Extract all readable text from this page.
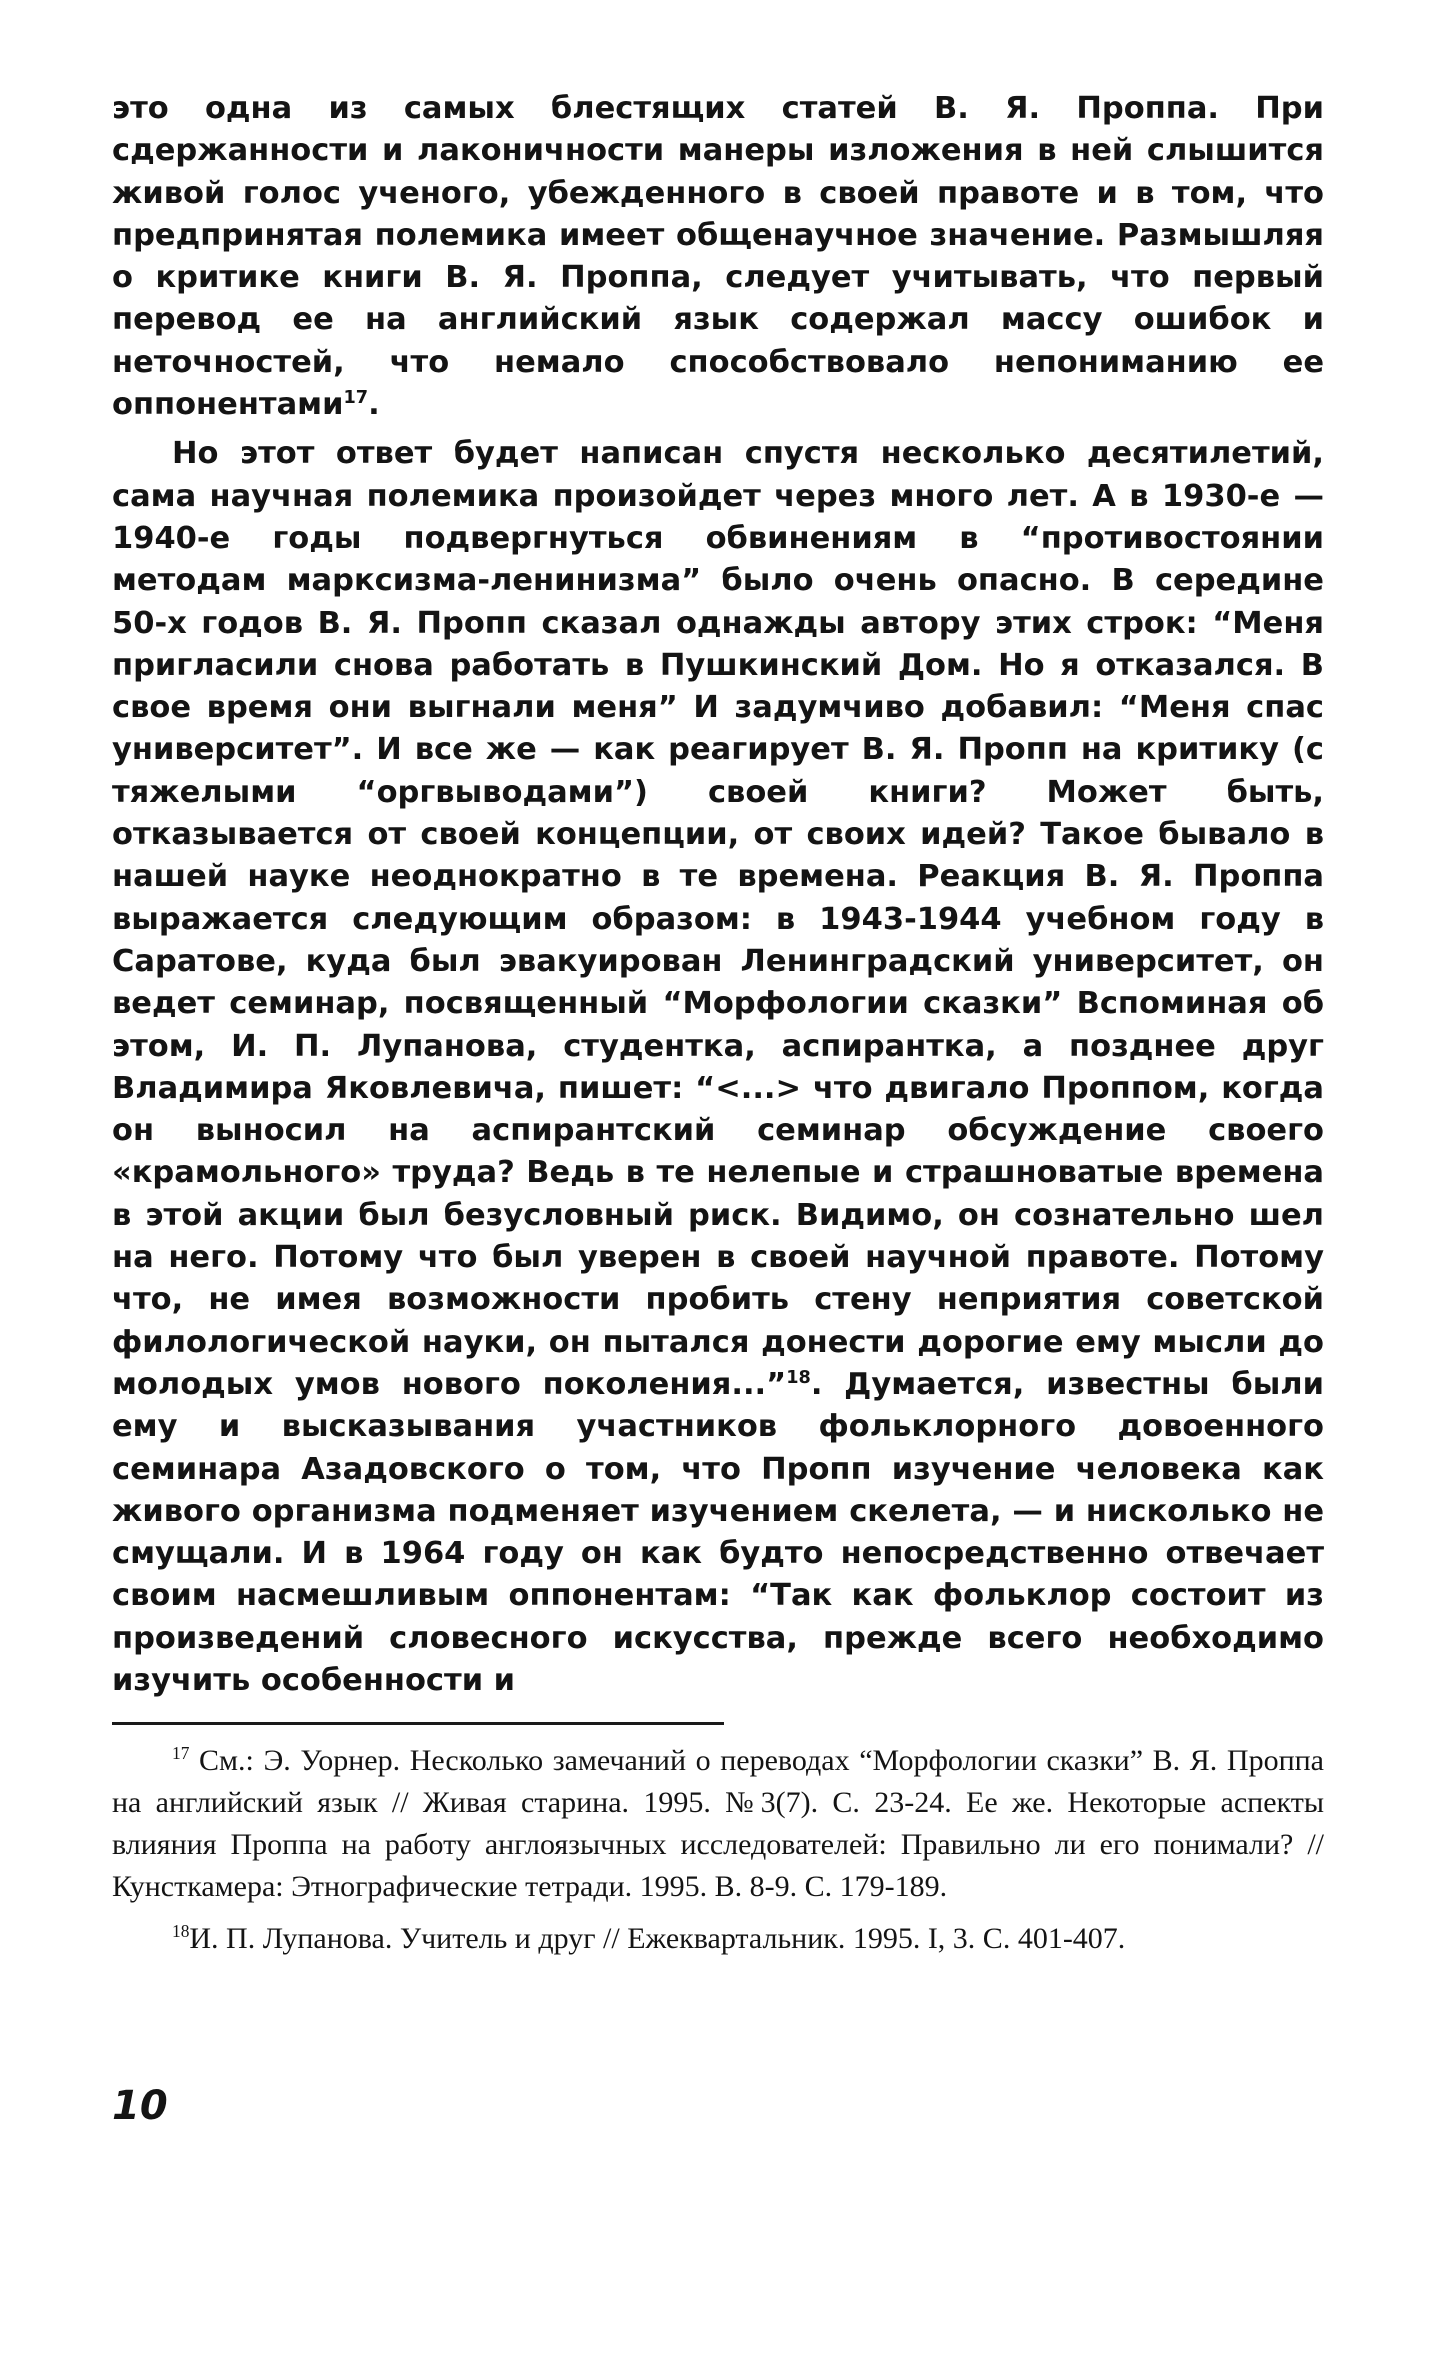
это одна из самых блестящих статей В. Я. Проппа. При сдержанности и лаконичности манеры изложения в ней слышится живой голос ученого, убежденного в своей правоте и в том, что предпринятая полемика имеет общенаучное значение. Размышляя о критике книги В. Я. Проппа, следует учитывать, что первый перевод ее на английский язык содержал массу ошибок и неточностей, что немало способствовало непониманию ее оппонентами$^{17}$.

Но этот ответ будет написан спустя несколько десятилетий, сама научная полемика произойдет через много лет. А в 1930-е — 1940-е годы подвергнуться обвинениям в “противостоянии методам марксизма-ленинизма” было очень опасно. В середине 50-х годов В. Я. Пропп сказал однажды автору этих строк: “Меня пригласили снова работать в Пушкинский Дом. Но я отказался. В свое время они выгнали меня” И задумчиво добавил: “Меня спас университет”. И все же — как реагирует В. Я. Пропп на критику (с тяжелыми “оргвыводами”) своей книги? Может быть, отказывается от своей концепции, от своих идей? Такое бывало в нашей науке неоднократно в те времена. Реакция В. Я. Проппа выражается следующим образом: в 1943-1944 учебном году в Саратове, куда был эвакуирован Ленинградский университет, он ведет семинар, посвященный “Морфологии сказки” Вспоминая об этом, И. П. Лупанова, студентка, аспирантка, а позднее друг Владимира Яковлевича, пишет: “<...> что двигало Проппом, когда он выносил на аспирантский семинар обсуждение своего «крамольного» труда? Ведь в те нелепые и страшноватые времена в этой акции был безусловный риск. Видимо, он сознательно шел на него. Потому что был уверен в своей научной правоте. Потому что, не имея возможности пробить стену неприятия советской филологической науки, он пытался донести дорогие ему мысли до молодых умов нового поколения...”$^{18}$. Думается, известны были ему и высказывания участников фольклорного довоенного семинара Азадовского о том, что Пропп изучение человека как живого организма подменяет изучением скелета, — и нисколько не смущали. И в 1964 году он как будто непосредственно отвечает своим насмешливым оппонентам: “Так как фольклор состоит из произведений словесного искусства, прежде всего необходимо изучить особенности и

$^{17}$ См.: Э. Уорнер. Несколько замечаний о переводах “Морфологии сказки” В. Я. Проппа на английский язык // Живая старина. 1995. №3(7). С. 23-24. Ее же. Некоторые аспекты влияния Проппа на работу англоязычных исследователей: Правильно ли его понимали? // Кунсткамера: Этнографические тетради. 1995. В. 8-9. С. 179-189.

$^{18}$И. П. Лупанова. Учитель и друг // Ежеквартальник. 1995. I, 3. С. 401-407.

10
